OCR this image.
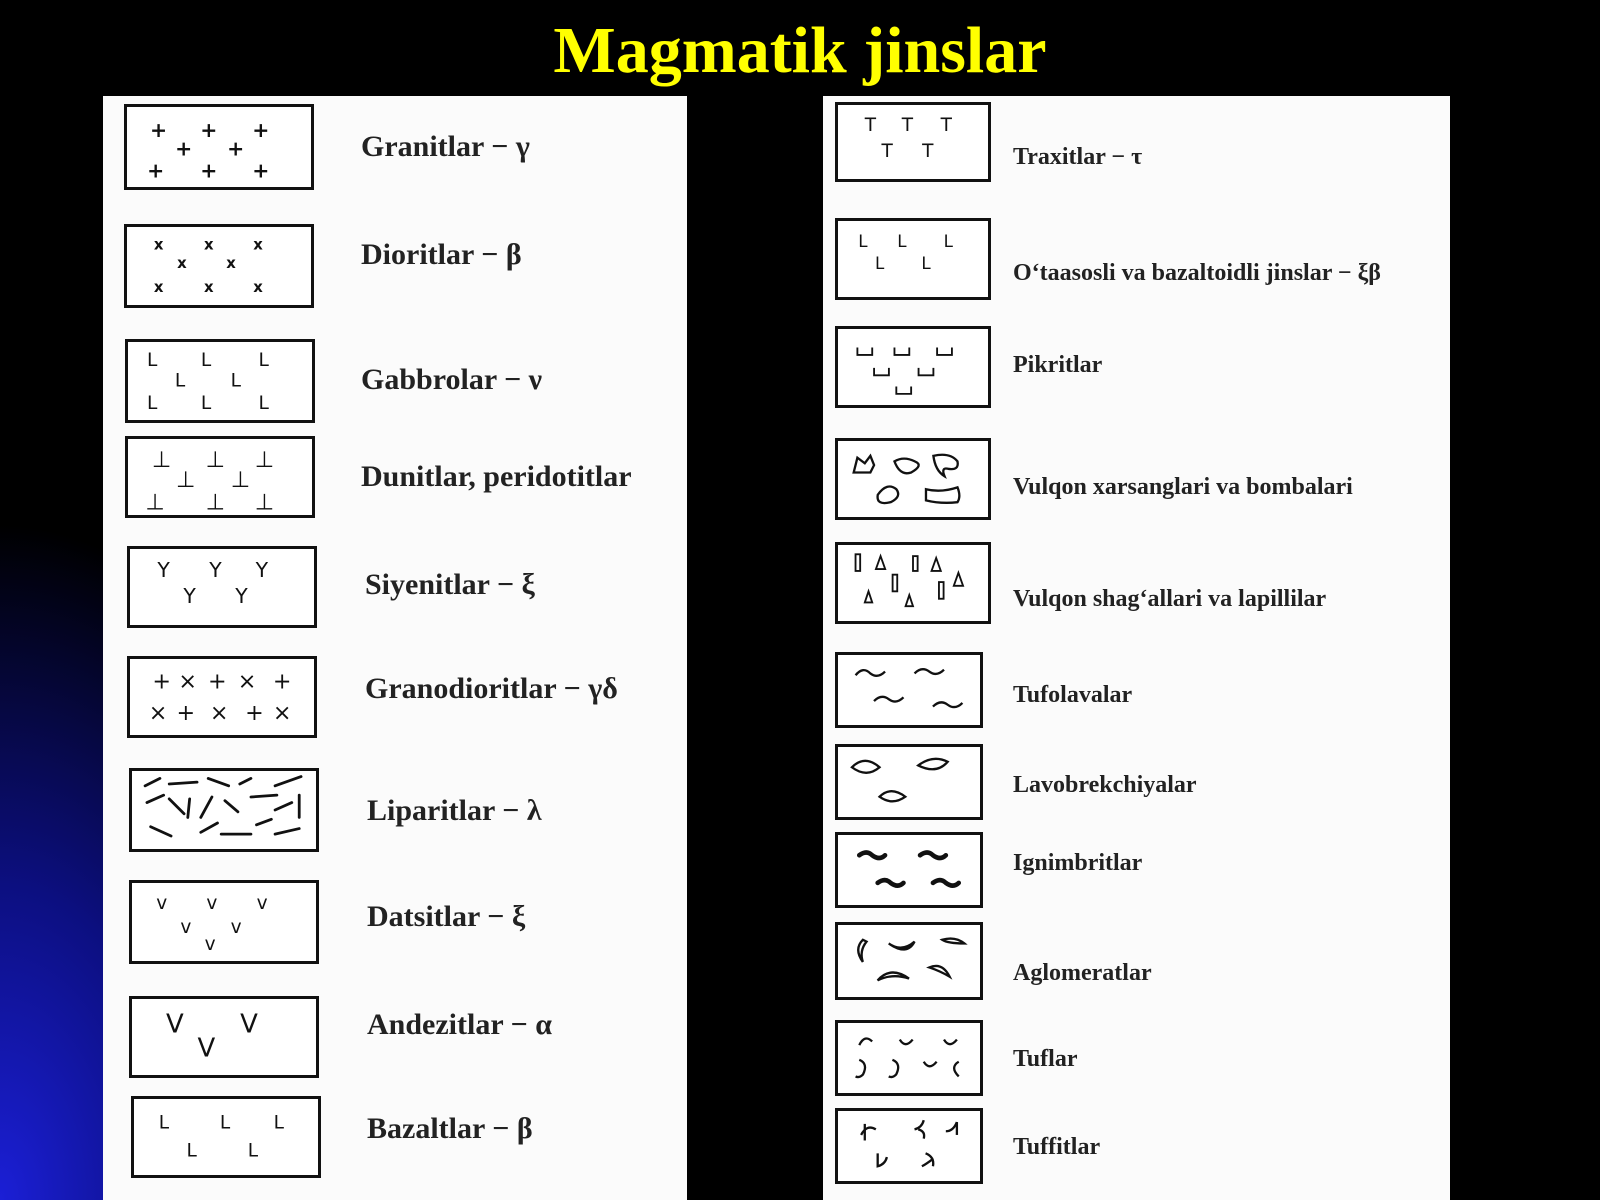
Magmatik jinslar
+ + +
+ +
+ + +
Granitlar − γ
x	x x
x x
x	x x
Dioritlar − β
L L L
L L
L L L
Gabbrolar − ν
⊥ ⊥ ⊥
⊥ ⊥
⊥ ⊥ ⊥
Dunitlar, peridotitlar
Y Y Y
Y Y	Siyenitlar − ξ
+ × + × +
× + × + ×
Granodioritlar − γδ
Liparitlar − λ
v v v
v v
v
Datsitlar − ξ
V V
V
Andezitlar − α
L	L L
L	L
Bazaltlar − β
T T T
T T	Traxitlar − τ
L L L
L L	O‘taasosli va bazaltoidli jinslar − ξβ
Pikritlar
Vulqon xarsanglari va bombalari
Vulqon shag‘allari va lapillilar
Tufolavalar
Lavobrekchiyalar
Ignimbritlar
Aglomeratlar
Tuflar
Tuffitlar
